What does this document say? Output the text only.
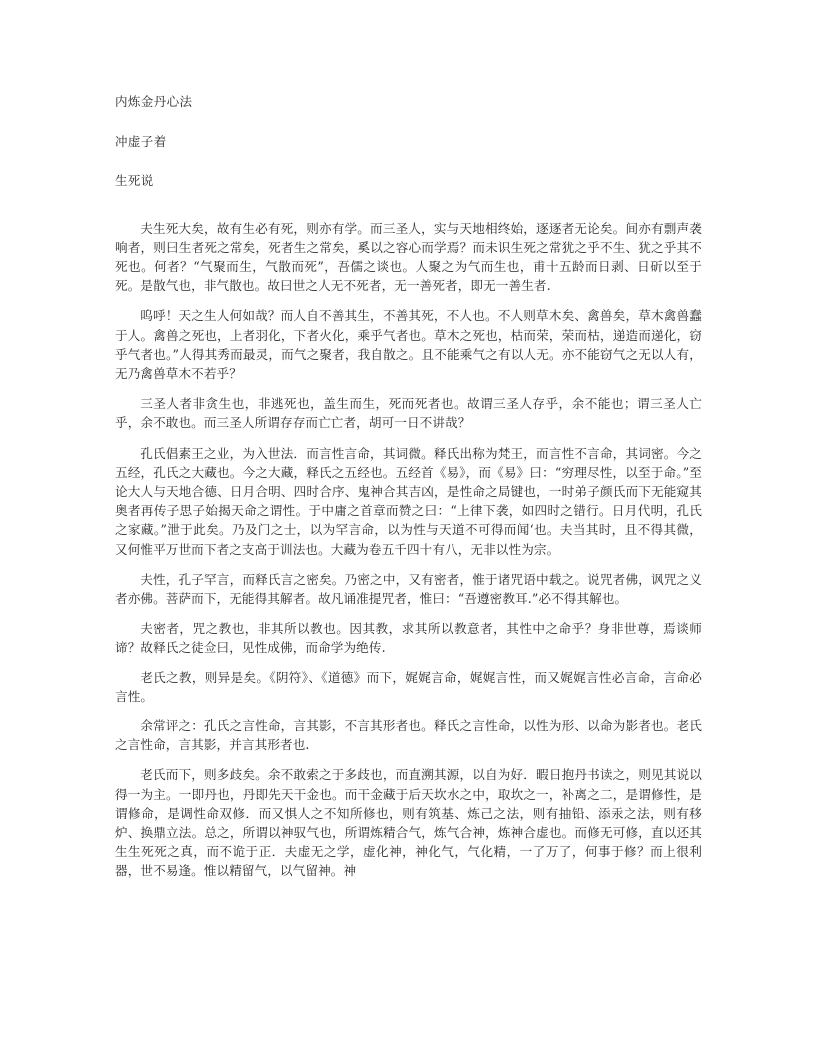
内炼金丹心法
冲虚子着
生死说

夫生死大矣，故有生必有死，则亦有学。而三圣人，实与天地相终始，逐逐者无论矣。间亦有剽声袭响者，则曰生者死之常矣，死者生之常矣，奚以之容心而学焉？而未识生死之常犹之乎不生、犹之乎其不死也。何者？“气聚而生，气散而死”，吾儒之谈也。人聚之为气而生也，甫十五龄而日剥、日斫以至于死。是散气也，非气散也。故曰世之人无不死者，无一善死者，即无一善生者.

呜呼！天之生人何如哉？而人自不善其生，不善其死，不人也。不人则草木矣、禽兽矣，草木禽兽蠢于人。禽兽之死也，上者羽化，下者火化，乘乎气者也。草木之死也，枯而荣，荣而枯，递造而递化，窃乎气者也。”人得其秀而最灵，而气之聚者，我自散之。且不能乘气之有以人无。亦不能窃气之无以人有，无乃禽兽草木不若乎？

三圣人者非贪生也，非逃死也，盖生而生，死而死者也。故谓三圣人存乎，余不能也；谓三圣人亡乎，余不敢也。而三圣人所谓存存而亡亡者，胡可一日不讲哉？

孔氏倡素王之业，为入世法．而言性言命，其词微。释氏出称为梵王，而言性不言命，其词密。今之五经，孔氏之大藏也。今之大藏，释氏之五经也。五经首《易》，而《易》曰：“穷理尽性，以至于命。”至论大人与天地合德、日月合明、四时合序、鬼神合其吉凶，是性命之局键也，一时弟子颜氏而下无能窥其奥者再传子思子始揭天命之谓性。于中庸之首章而赞之曰：“上律下袭，如四时之错行。日月代明，孔氏之家藏。”泄于此矣。乃及门之士，以为罕言命，以为性与天道不可得而闻‘也。夫当其时，且不得其微，又何惟平万世而下者之支高于训法也。大藏为卷五千四十有八，无非以性为宗。

夫性，孔子罕言，而释氏言之密矣。乃密之中，又有密者，惟于诸咒语中载之。说咒者佛，讽咒之义者亦佛。菩萨而下，无能得其解者。故凡诵准提咒者，惟曰：“吾遵密教耳.”必不得其解也。

夫密者，咒之教也，非其所以教也。因其教，求其所以教意者，其性中之命乎？身非世尊，焉谈师谛？故释氏之徒佥曰，见性成佛，而命学为绝传.

老氏之教，则异是矣。《阴符》、《道德》而下，娓娓言命，娓娓言性，而又娓娓言性必言命，言命必言性。

余常评之：孔氏之言性命，言其影，不言其形者也。释氏之言性命，以性为形、以命为影者也。老氏之言性命，言其影，并言其形者也.

老氏而下，则多歧矣。余不敢索之于多歧也，而直溯其源，以自为好．暇日抱丹书读之，则见其说以得一为主。一即丹也，丹即先天干金也。而干金藏于后天坎水之中，取坎之一，补离之二，是谓修性，是谓修命，是调性命双修．而又惧人之不知所修也，则有筑基、炼己之法，则有抽铅、添汞之法，则有移炉、换鼎立法。总之，所谓以神驭气也，所谓炼精合气，炼气合神，炼神合虚也。而修无可修，直以还其生生死死之真，而不诡于正．夫虚无之学，虚化神，神化气，气化精，一了万了，何事于修？而上很利器，世不易逢。惟以精留气，以气留神。神
